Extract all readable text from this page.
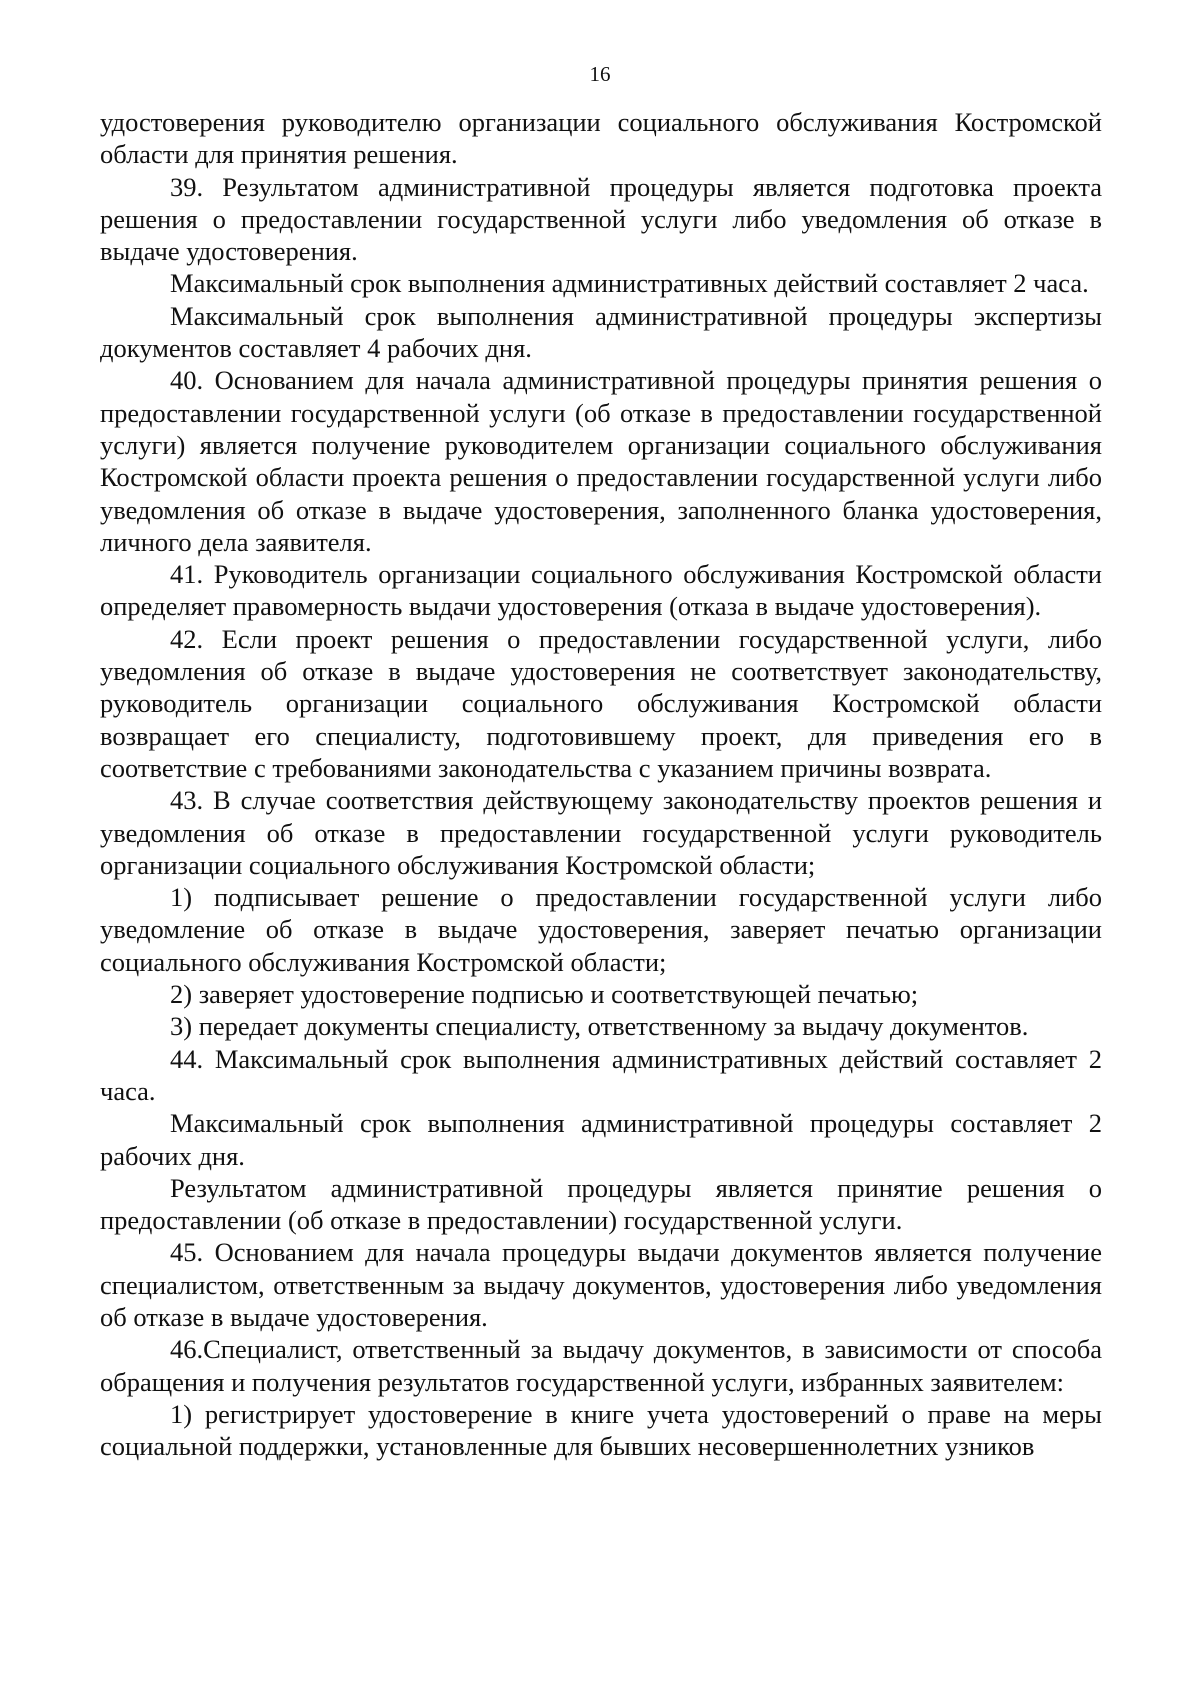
16

удостоверения руководителю организации социального обслуживания Костромской области для принятия решения.

39. Результатом административной процедуры является подготовка проекта решения о предоставлении государственной услуги либо уведомления об отказе в выдаче удостоверения.

Максимальный срок выполнения административных действий составляет 2 часа.

Максимальный срок выполнения административной процедуры экспертизы документов составляет 4 рабочих дня.

40. Основанием для начала административной процедуры принятия решения о предоставлении государственной услуги (об отказе в предоставлении государственной услуги) является получение руководителем организации социального обслуживания Костромской области проекта решения о предоставлении государственной услуги либо уведомления об отказе в выдаче удостоверения, заполненного бланка удостоверения, личного дела заявителя.

41. Руководитель организации социального обслуживания Костромской области определяет правомерность выдачи удостоверения (отказа в выдаче удостоверения).

42. Если проект решения о предоставлении государственной услуги, либо уведомления об отказе в выдаче удостоверения не соответствует законодательству, руководитель организации социального обслуживания Костромской области возвращает его специалисту, подготовившему проект, для приведения его в соответствие с требованиями законодательства с указанием причины возврата.

43. В случае соответствия действующему законодательству проектов решения и уведомления об отказе в предоставлении государственной услуги руководитель организации социального обслуживания Костромской области;

1) подписывает решение о предоставлении государственной услуги либо уведомление об отказе в выдаче удостоверения, заверяет печатью организации социального обслуживания Костромской области;

2) заверяет удостоверение подписью и соответствующей печатью;

3) передает документы специалисту, ответственному за выдачу документов.

44. Максимальный срок выполнения административных действий составляет 2 часа.

Максимальный срок выполнения административной процедуры составляет 2 рабочих дня.

Результатом административной процедуры является принятие решения о предоставлении (об отказе в предоставлении) государственной услуги.

45. Основанием для начала процедуры выдачи документов является получение специалистом, ответственным за выдачу документов, удостоверения либо уведомления об отказе в выдаче удостоверения.

46.Специалист, ответственный за выдачу документов, в зависимости от способа обращения и получения результатов государственной услуги, избранных заявителем:

1) регистрирует удостоверение в книге учета удостоверений о праве на меры социальной поддержки, установленные для бывших несовершеннолетних узников
